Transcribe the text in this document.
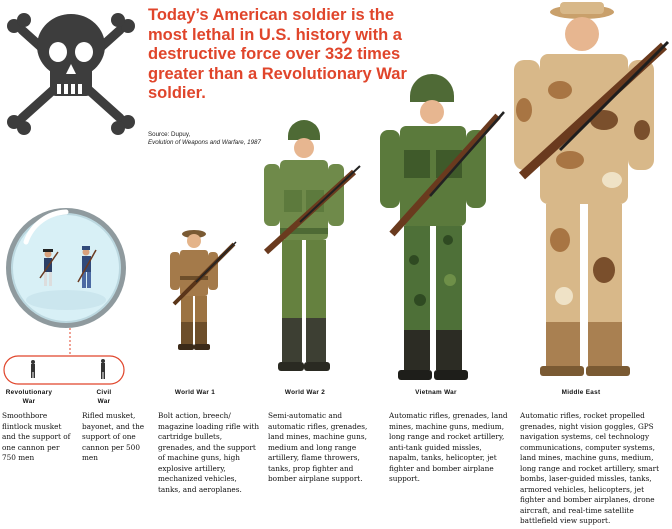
Today’s American soldier is the most lethal in U.S. history with a destructive force over 332 times greater than a Revolutionary War soldier.

Source: Dupuy,
Evolution of Weapons and Warfare, 1987
Revolutionary
War
Civil
War
World War 1	World War 2	Vietnam War	Middle East
Smoothbore flintlock musket and the support of one cannon per 750 men
Rifled musket, bayonet, and the support of one cannon per 500 men
Bolt action, breech/ magazine loading rifle with cartridge bullets, grenades, and the support of machine guns, high explosive artillery, mechanized vehicles, tanks, and aeroplanes.
Semi-automatic and automatic rifles, grenades, land mines, machine guns, medium and long range artillery, flame throwers, tanks, prop fighter and bomber airplane support.
Automatic rifles, grenades, land mines, machine guns, medium, long range and rocket artillery, anti-tank guided missles, napalm, tanks, helicopter, jet fighter and bomber airplane support.
Automatic rifles, rocket propelled grenades, night vision goggles, GPS navigation systems, cel technology communications, computer systems, land mines, machine guns, medium, long range and rocket artillery, smart bombs, laser-guided missles, tanks, armored vehicles, helicopters, jet fighter and bomber airplanes, drone aircraft, and real-time satellite battlefield view support.
